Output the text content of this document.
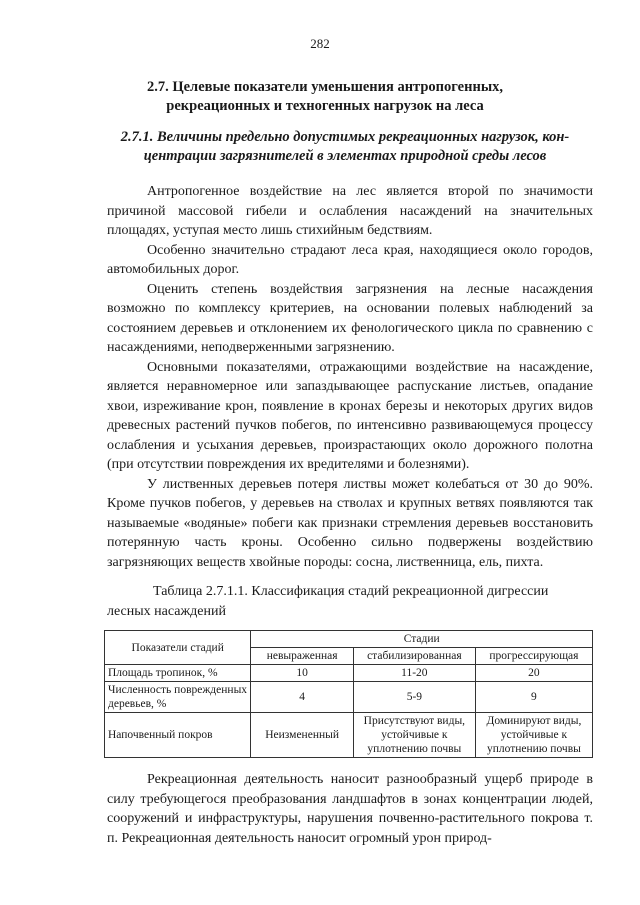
282
2.7. Целевые показатели уменьшения антропогенных,
рекреационных и техногенных нагрузок на леса
2.7.1. Величины предельно допустимых рекреационных нагрузок, кон-
центрации загрязнителей в элементах природной среды лесов

Антропогенное воздействие на лес является второй по значимости причиной массовой гибели и ослабления насаждений на значительных площадях, уступая место лишь стихийным бедствиям.

Особенно значительно страдают леса края, находящиеся около городов, автомобильных дорог.

Оценить степень воздействия загрязнения на лесные насаждения возможно по комплексу критериев, на основании полевых наблюдений за состоянием деревьев и отклонением их фенологического цикла по сравнению с насаждениями, неподверженными загрязнению.

Основными показателями, отражающими воздействие на насаждение, является неравномерное или запаздывающее распускание листьев, опадание хвои, изреживание крон, появление в кронах березы и некоторых других видов древесных растений пучков побегов, по интенсивно развивающемуся процессу ослабления и усыхания деревьев, произрастающих около дорожного полотна (при отсутствии повреждения их вредителями и болезнями).

У лиственных деревьев потеря листвы может колебаться от 30 до 90%. Кроме пучков побегов, у деревьев на стволах и крупных ветвях появляются так называемые «водяные» побеги как признаки стремления деревьев восстановить потерянную часть кроны. Особенно сильно подвержены воздействию загрязняющих веществ хвойные породы: сосна, лиственница, ель, пихта.

Таблица 2.7.1.1. Классификация стадий рекреационной дигрессии лесных насаждений
Показатели стадий	Стадии		
	невыраженная	стабилизированная	прогрессирующая
Площадь тропинок, %	10	11-20	20
Численность поврежденных деревьев, %	4	5-9	9
Напочвенный покров	Неизмененный	Присутствуют виды, устойчивые к уплотнению почвы	Доминируют виды, устойчивые к уплотнению почвы

Рекреационная деятельность наносит разнообразный ущерб природе в силу требующегося преобразования ландшафтов в зонах концентрации людей, сооружений и инфраструктуры, нарушения почвенно-растительного покрова т. п. Рекреационная деятельность наносит огромный урон природ-
